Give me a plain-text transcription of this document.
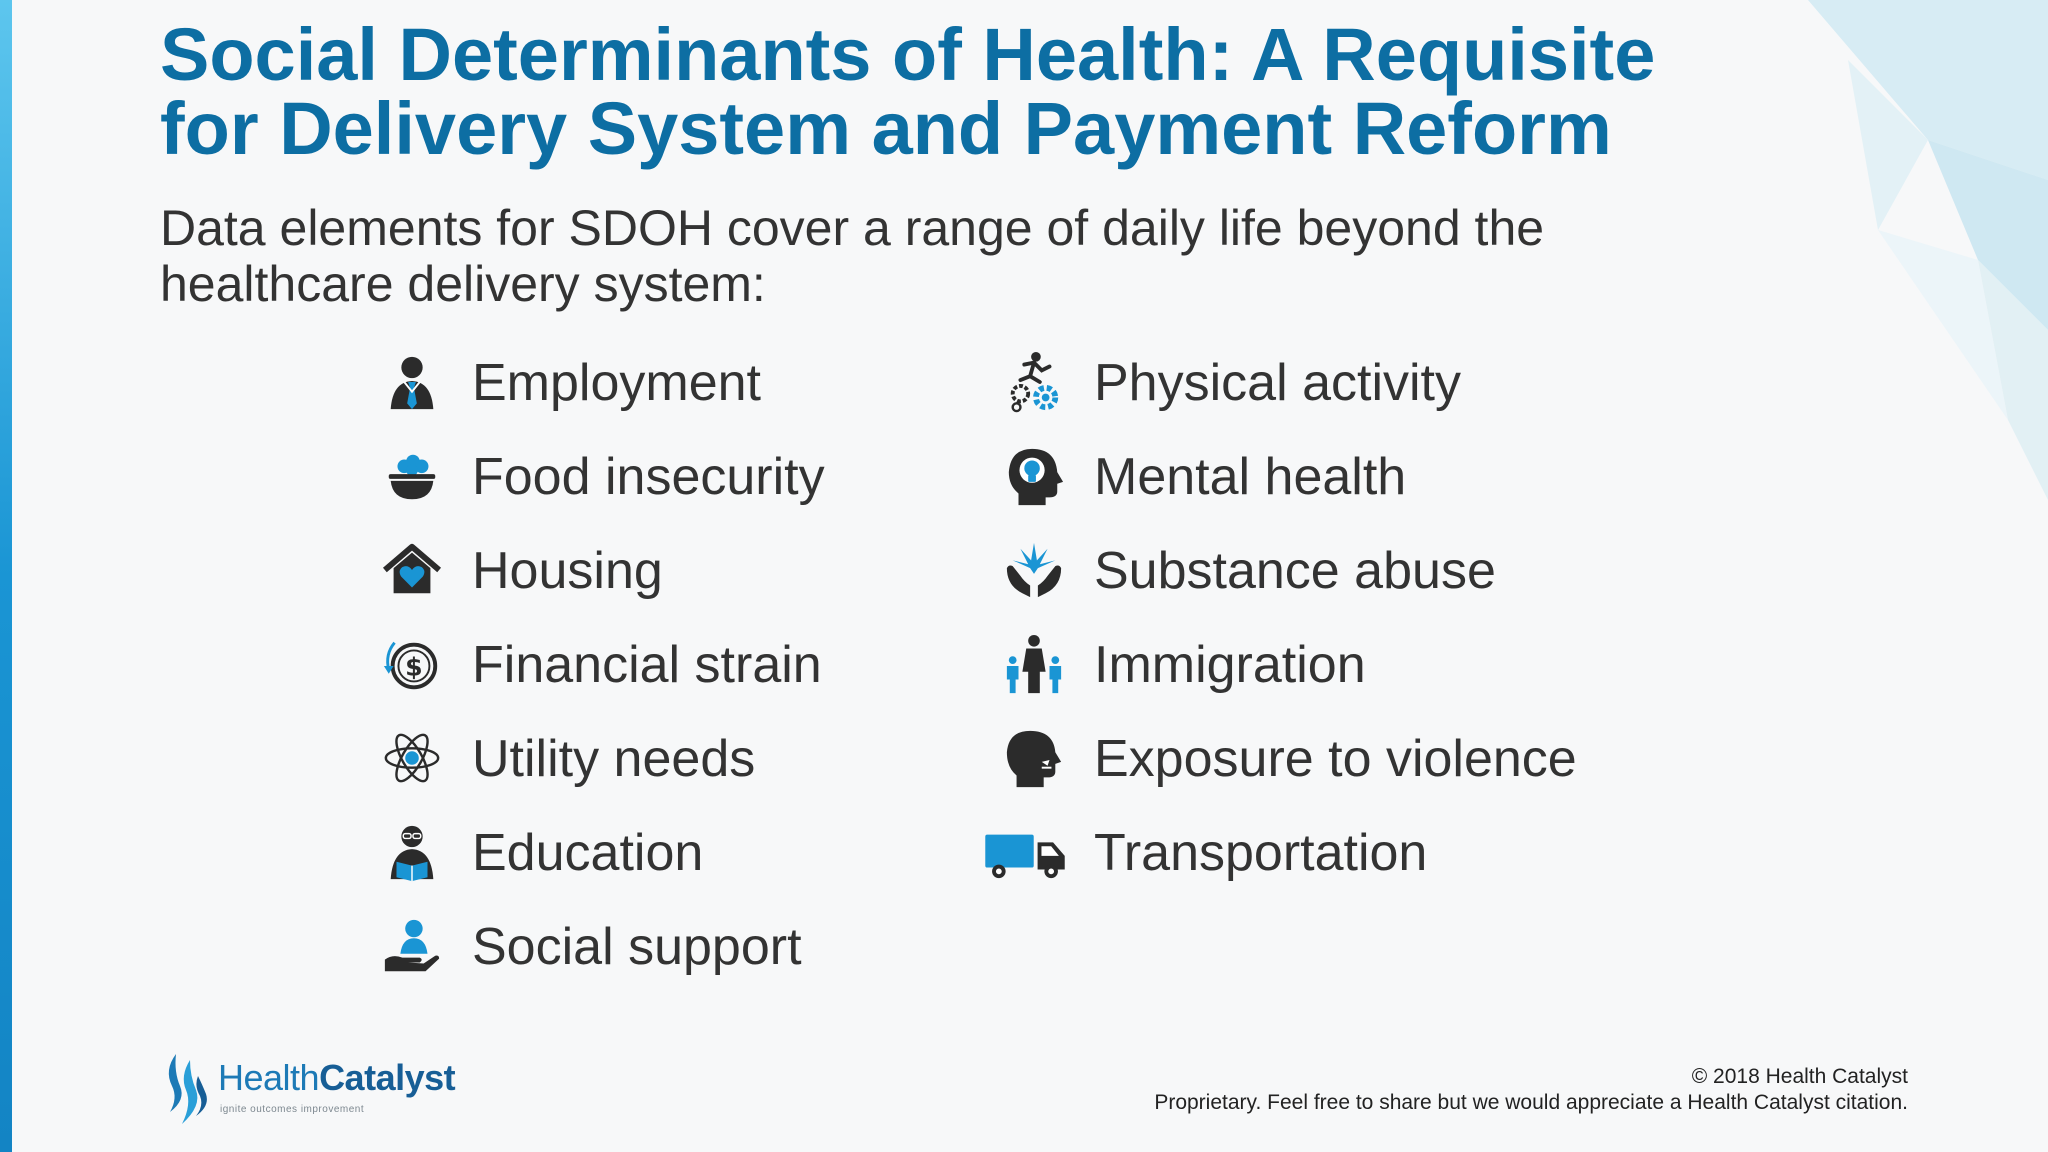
Social Determinants of Health: A Requisite
for Delivery System and Payment Reform

Data elements for SDOH cover a range of daily life beyond the
healthcare delivery system:

Employment
Food insecurity
Housing
$ Financial strain
Utility needs
Education
Social support
Physical activity
Mental health
Substance abuse
Immigration
Exposure to violence
Transportation
HealthCatalyst
ignite outcomes improvement
© 2018 Health Catalyst
Proprietary. Feel free to share but we would appreciate a Health Catalyst citation.
